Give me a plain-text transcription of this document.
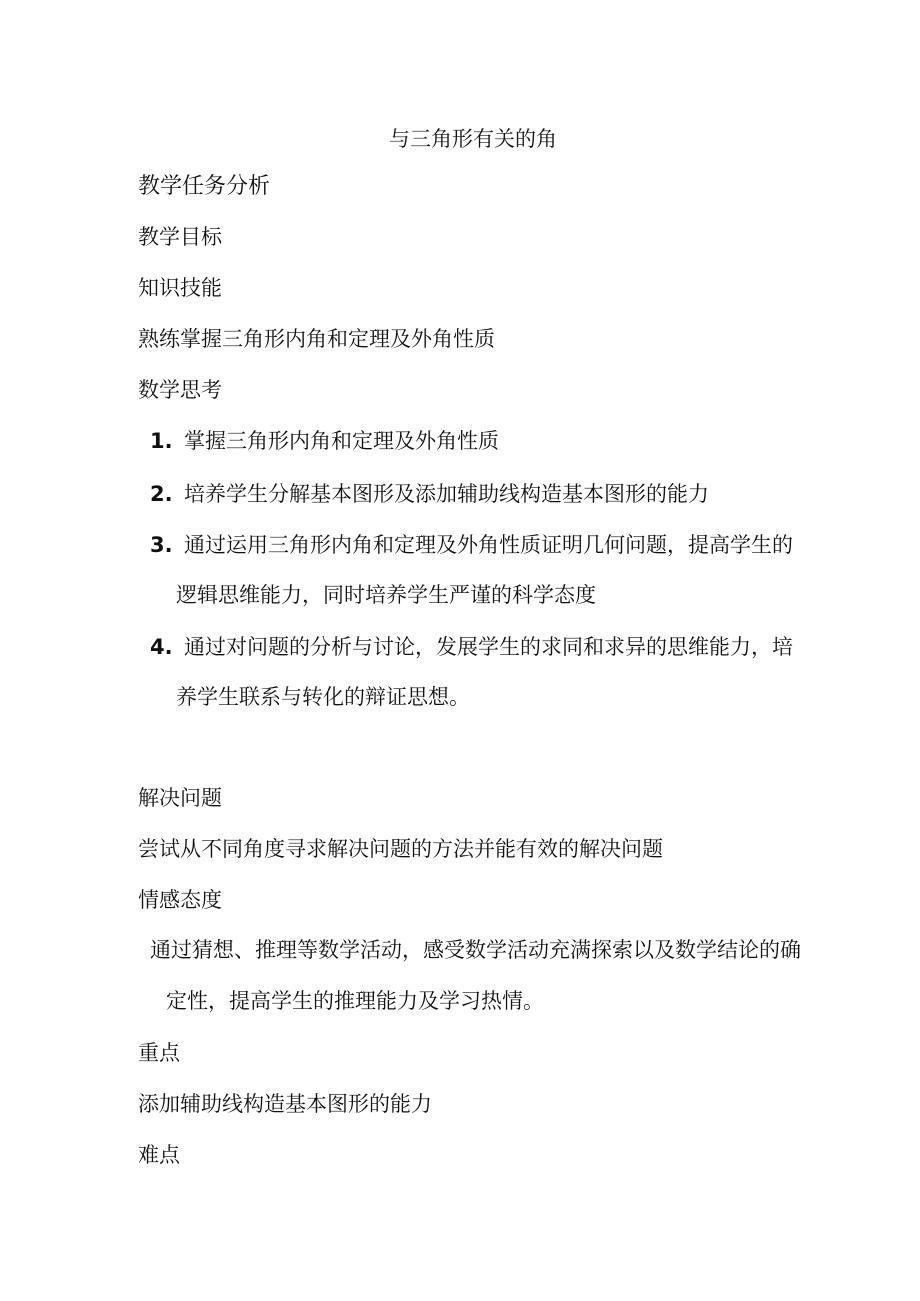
与三角形有关的角
教学任务分析
教学目标
知识技能
熟练掌握三角形内角和定理及外角性质
数学思考
1. 掌握三角形内角和定理及外角性质
2. 培养学生分解基本图形及添加辅助线构造基本图形的能力
3. 通过运用三角形内角和定理及外角性质证明几何问题，提高学生的
逻辑思维能力，同时培养学生严谨的科学态度
4. 通过对问题的分析与讨论，发展学生的求同和求异的思维能力，培
养学生联系与转化的辩证思想。
解决问题
尝试从不同角度寻求解决问题的方法并能有效的解决问题
情感态度
通过猜想、推理等数学活动，感受数学活动充满探索以及数学结论的确
定性，提高学生的推理能力及学习热情。
重点
添加辅助线构造基本图形的能力
难点
